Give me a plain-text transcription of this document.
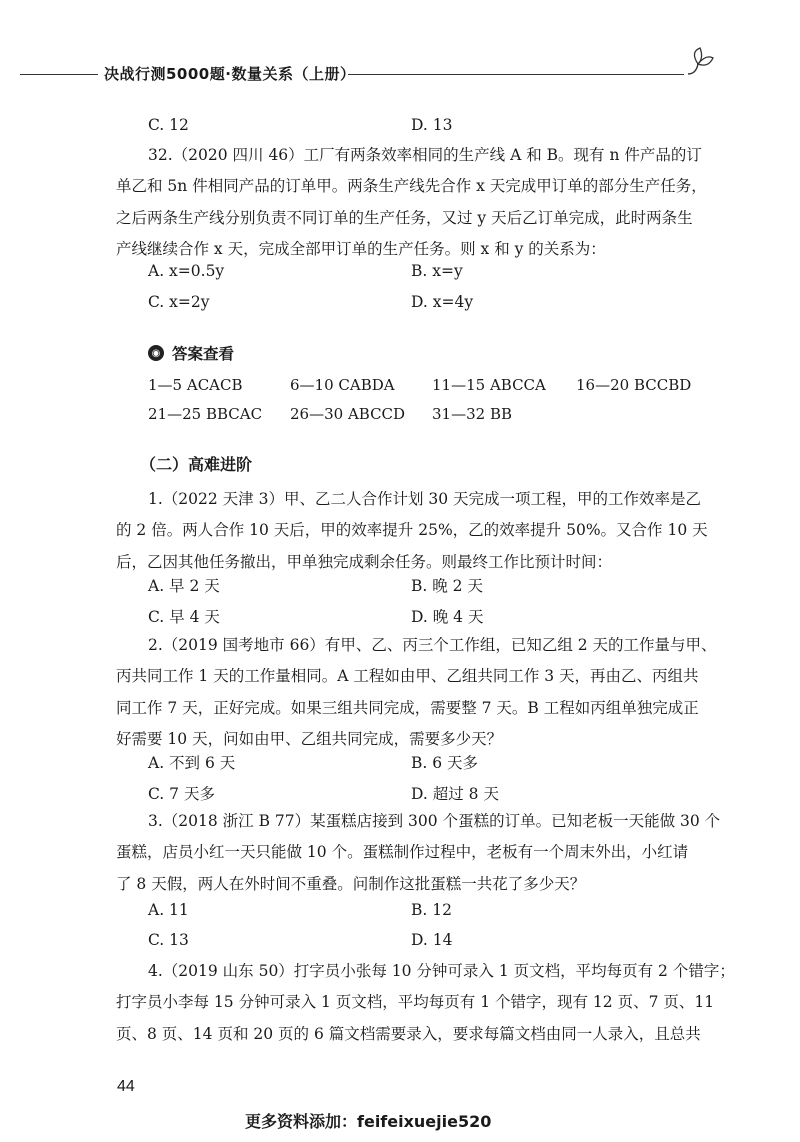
决战行测5000题·数量关系（上册）
C. 12	D. 13
32.（2020 四川 46）工厂有两条效率相同的生产线 A 和 B。现有 n 件产品的订
单乙和 5n 件相同产品的订单甲。两条生产线先合作 x 天完成甲订单的部分生产任务，
之后两条生产线分别负责不同订单的生产任务，又过 y 天后乙订单完成，此时两条生
产线继续合作 x 天，完成全部甲订单的生产任务。则 x 和 y 的关系为：
A. x=0.5y	B. x=y
C. x=2y	D. x=4y
◉ 答案查看
1—5 ACACB	6—10 CABDA	11—15 ABCCA	16—20 BCCBD
21—25 BBCAC	26—30 ABCCD	31—32 BB
（二）高难进阶
1.（2022 天津 3）甲、乙二人合作计划 30 天完成一项工程，甲的工作效率是乙
的 2 倍。两人合作 10 天后，甲的效率提升 25%，乙的效率提升 50%。又合作 10 天
后，乙因其他任务撤出，甲单独完成剩余任务。则最终工作比预计时间：
A. 早 2 天	B. 晚 2 天
C. 早 4 天	D. 晚 4 天
2.（2019 国考地市 66）有甲、乙、丙三个工作组，已知乙组 2 天的工作量与甲、
丙共同工作 1 天的工作量相同。A 工程如由甲、乙组共同工作 3 天，再由乙、丙组共
同工作 7 天，正好完成。如果三组共同完成，需要整 7 天。B 工程如丙组单独完成正
好需要 10 天，问如由甲、乙组共同完成，需要多少天？
A. 不到 6 天	B. 6 天多
C. 7 天多	D. 超过 8 天
3.（2018 浙江 B 77）某蛋糕店接到 300 个蛋糕的订单。已知老板一天能做 30 个
蛋糕，店员小红一天只能做 10 个。蛋糕制作过程中，老板有一个周末外出，小红请
了 8 天假，两人在外时间不重叠。问制作这批蛋糕一共花了多少天？
A. 11	B. 12
C. 13	D. 14
4.（2019 山东 50）打字员小张每 10 分钟可录入 1 页文档，平均每页有 2 个错字；
打字员小李每 15 分钟可录入 1 页文档，平均每页有 1 个错字，现有 12 页、7 页、11
页、8 页、14 页和 20 页的 6 篇文档需要录入，要求每篇文档由同一人录入，且总共
44
更多资料添加：feifeixuejie520
